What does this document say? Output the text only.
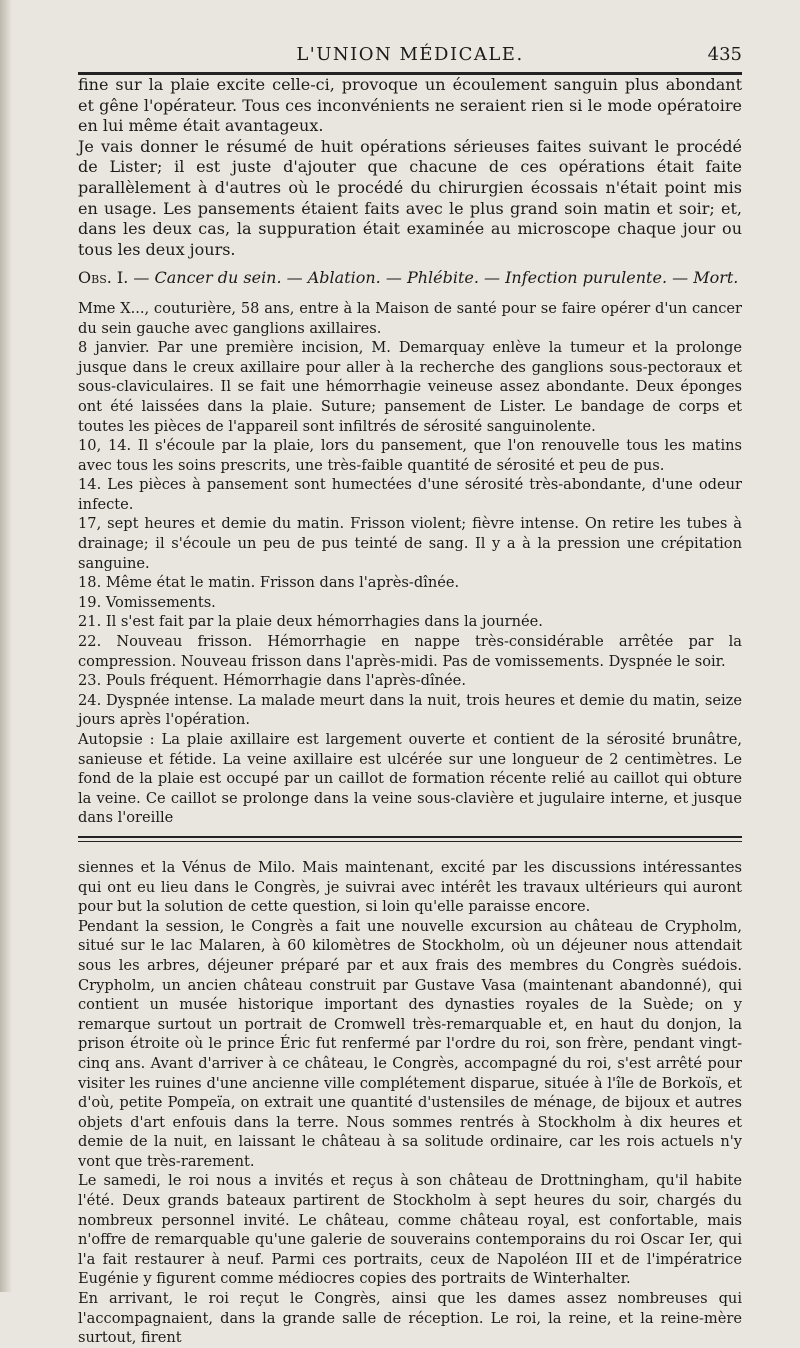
L'UNION MÉDICALE.	435

fine sur la plaie excite celle-ci, provoque un écoulement sanguin plus abondant et gêne l'opérateur. Tous ces inconvénients ne seraient rien si le mode opératoire en lui même était avantageux.

Je vais donner le résumé de huit opérations sérieuses faites suivant le procédé de Lister; il est juste d'ajouter que chacune de ces opérations était faite parallèlement à d'autres où le procédé du chirurgien écossais n'était point mis en usage. Les pansements étaient faits avec le plus grand soin matin et soir; et, dans les deux cas, la suppuration était examinée au microscope chaque jour ou tous les deux jours.

Obs. I. — Cancer du sein. — Ablation. — Phlébite. — Infection purulente. — Mort.

Mme X..., couturière, 58 ans, entre à la Maison de santé pour se faire opérer d'un cancer du sein gauche avec ganglions axillaires.

8 janvier. Par une première incision, M. Demarquay enlève la tumeur et la prolonge jusque dans le creux axillaire pour aller à la recherche des ganglions sous-pectoraux et sous-claviculaires. Il se fait une hémorrhagie veineuse assez abondante. Deux éponges ont été laissées dans la plaie. Suture; pansement de Lister. Le bandage de corps et toutes les pièces de l'appareil sont infiltrés de sérosité sanguinolente.

10, 14. Il s'écoule par la plaie, lors du pansement, que l'on renouvelle tous les matins avec tous les soins prescrits, une très-faible quantité de sérosité et peu de pus.

14. Les pièces à pansement sont humectées d'une sérosité très-abondante, d'une odeur infecte.

17, sept heures et demie du matin. Frisson violent; fièvre intense. On retire les tubes à drainage; il s'écoule un peu de pus teinté de sang. Il y a à la pression une crépitation sanguine.

18. Même état le matin. Frisson dans l'après-dînée.

19. Vomissements.

21. Il s'est fait par la plaie deux hémorrhagies dans la journée.

22. Nouveau frisson. Hémorrhagie en nappe très-considérable arrêtée par la compression. Nouveau frisson dans l'après-midi. Pas de vomissements. Dyspnée le soir.

23. Pouls fréquent. Hémorrhagie dans l'après-dînée.

24. Dyspnée intense. La malade meurt dans la nuit, trois heures et demie du matin, seize jours après l'opération.

Autopsie : La plaie axillaire est largement ouverte et contient de la sérosité brunâtre, sanieuse et fétide. La veine axillaire est ulcérée sur une longueur de 2 centimètres. Le fond de la plaie est occupé par un caillot de formation récente relié au caillot qui obture la veine. Ce caillot se prolonge dans la veine sous-clavière et jugulaire interne, et jusque dans l'oreille

siennes et la Vénus de Milo. Mais maintenant, excité par les discussions intéressantes qui ont eu lieu dans le Congrès, je suivrai avec intérêt les travaux ultérieurs qui auront pour but la solution de cette question, si loin qu'elle paraisse encore.

Pendant la session, le Congrès a fait une nouvelle excursion au château de Crypholm, situé sur le lac Malaren, à 60 kilomètres de Stockholm, où un déjeuner nous attendait sous les arbres, déjeuner préparé par et aux frais des membres du Congrès suédois. Crypholm, un ancien château construit par Gustave Vasa (maintenant abandonné), qui contient un musée historique important des dynasties royales de la Suède; on y remarque surtout un portrait de Cromwell très-remarquable et, en haut du donjon, la prison étroite où le prince Éric fut renfermé par l'ordre du roi, son frère, pendant vingt-cinq ans. Avant d'arriver à ce château, le Congrès, accompagné du roi, s'est arrêté pour visiter les ruines d'une ancienne ville complétement disparue, située à l'île de Borkoïs, et d'où, petite Pompeïa, on extrait une quantité d'ustensiles de ménage, de bijoux et autres objets d'art enfouis dans la terre. Nous sommes rentrés à Stockholm à dix heures et demie de la nuit, en laissant le château à sa solitude ordinaire, car les rois actuels n'y vont que très-rarement.

Le samedi, le roi nous a invités et reçus à son château de Drottningham, qu'il habite l'été. Deux grands bateaux partirent de Stockholm à sept heures du soir, chargés du nombreux personnel invité. Le château, comme château royal, est confortable, mais n'offre de remarquable qu'une galerie de souverains contemporains du roi Oscar Ier, qui l'a fait restaurer à neuf. Parmi ces portraits, ceux de Napoléon III et de l'impératrice Eugénie y figurent comme médiocres copies des portraits de Winterhalter.

En arrivant, le roi reçut le Congrès, ainsi que les dames assez nombreuses qui l'accompagnaient, dans la grande salle de réception. Le roi, la reine, et la reine-mère surtout, firent
